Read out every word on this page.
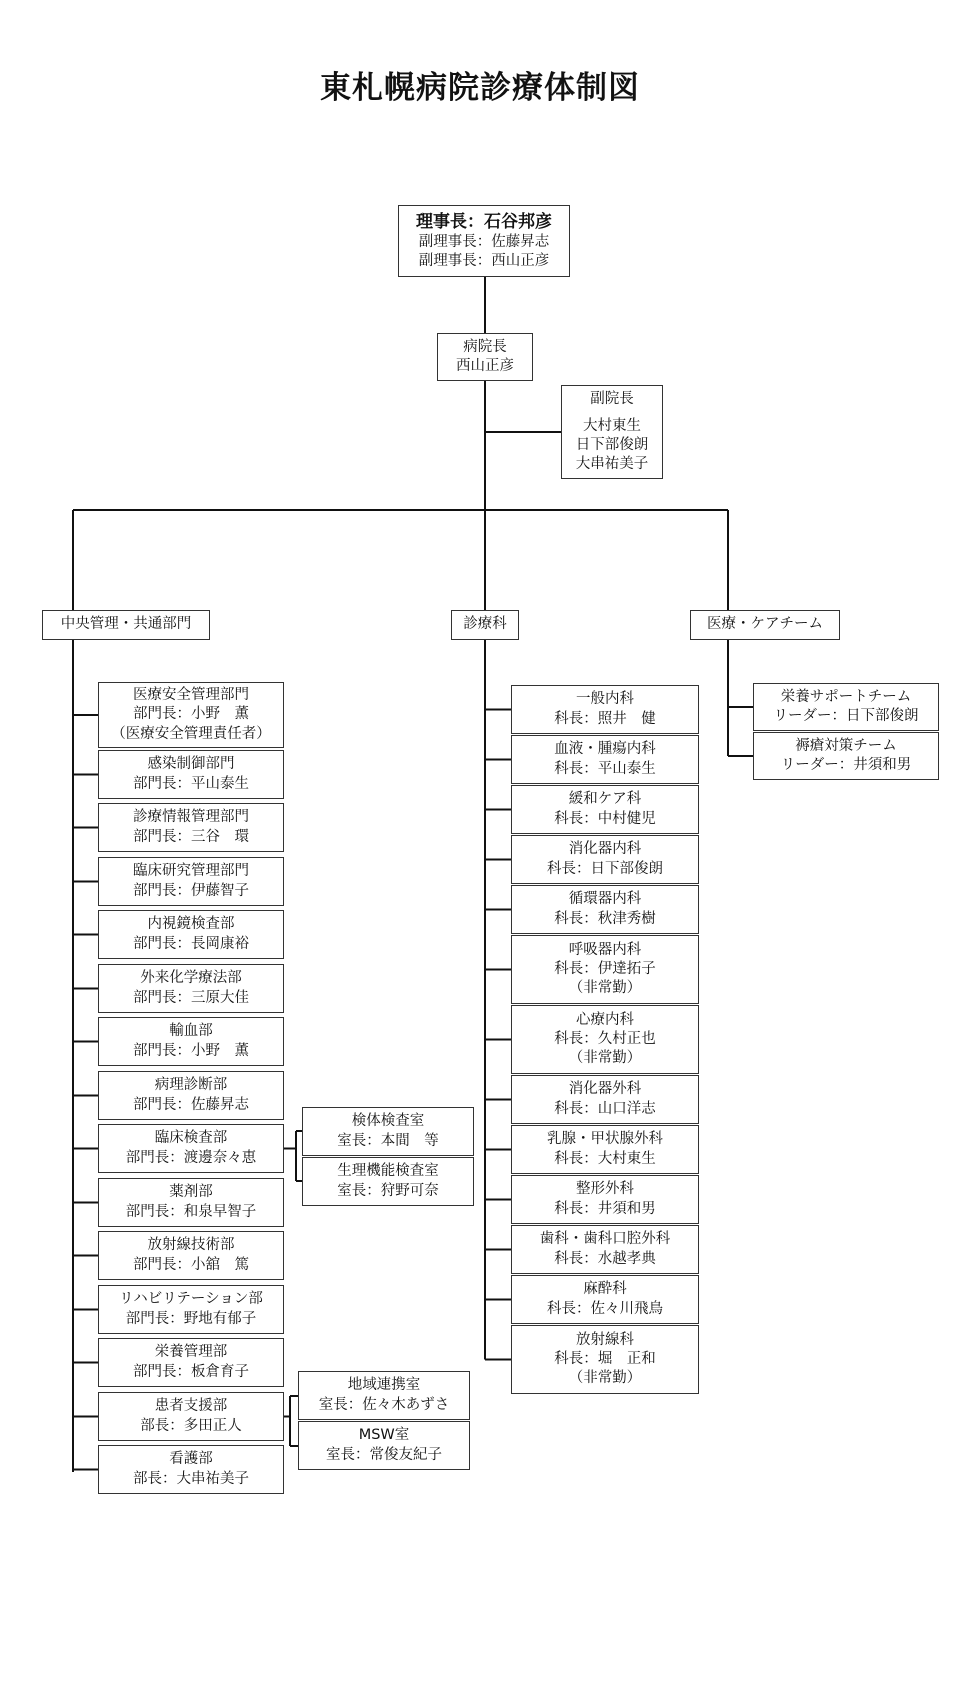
東札幌病院診療体制図
理事長：石谷邦彦
副理事長：佐藤昇志
副理事長：西山正彦
病院長
西山正彦
副院長
大村東生
日下部俊朗
大串祐美子
中央管理・共通部門	診療科	医療・ケアチーム
医療安全管理部門
部門長：小野　薫
（医療安全管理責任者）
感染制御部門
部門長：平山泰生
診療情報管理部門
部門長：三谷　環
臨床研究管理部門
部門長：伊藤智子
内視鏡検査部
部門長：長岡康裕
外来化学療法部
部門長：三原大佳
輸血部
部門長：小野　薫
病理診断部
部門長：佐藤昇志
臨床検査部
部門長：渡邊奈々恵
薬剤部
部門長：和泉早智子
放射線技術部
部門長：小舘　篤
リハビリテーション部
部門長：野地有郁子
栄養管理部
部門長：板倉育子
患者支援部
部長：多田正人
看護部
部長：大串祐美子
検体検査室
室長：本間　等
生理機能検査室
室長：狩野可奈
地域連携室
室長：佐々木あずさ
MSW室
室長：常俊友紀子
一般内科
科長：照井　健
血液・腫瘍内科
科長：平山泰生
緩和ケア科
科長：中村健児
消化器内科
科長：日下部俊朗
循環器内科
科長：秋津秀樹
呼吸器内科
科長：伊達拓子
（非常勤）
心療内科
科長：久村正也
（非常勤）
消化器外科
科長：山口洋志
乳腺・甲状腺外科
科長：大村東生
整形外科
科長：井須和男
歯科・歯科口腔外科
科長：水越孝典
麻酔科
科長：佐々川飛鳥
放射線科
科長：堀　正和
（非常勤）
栄養サポートチーム
リーダー：日下部俊朗
褥瘡対策チーム
リーダー：井須和男
